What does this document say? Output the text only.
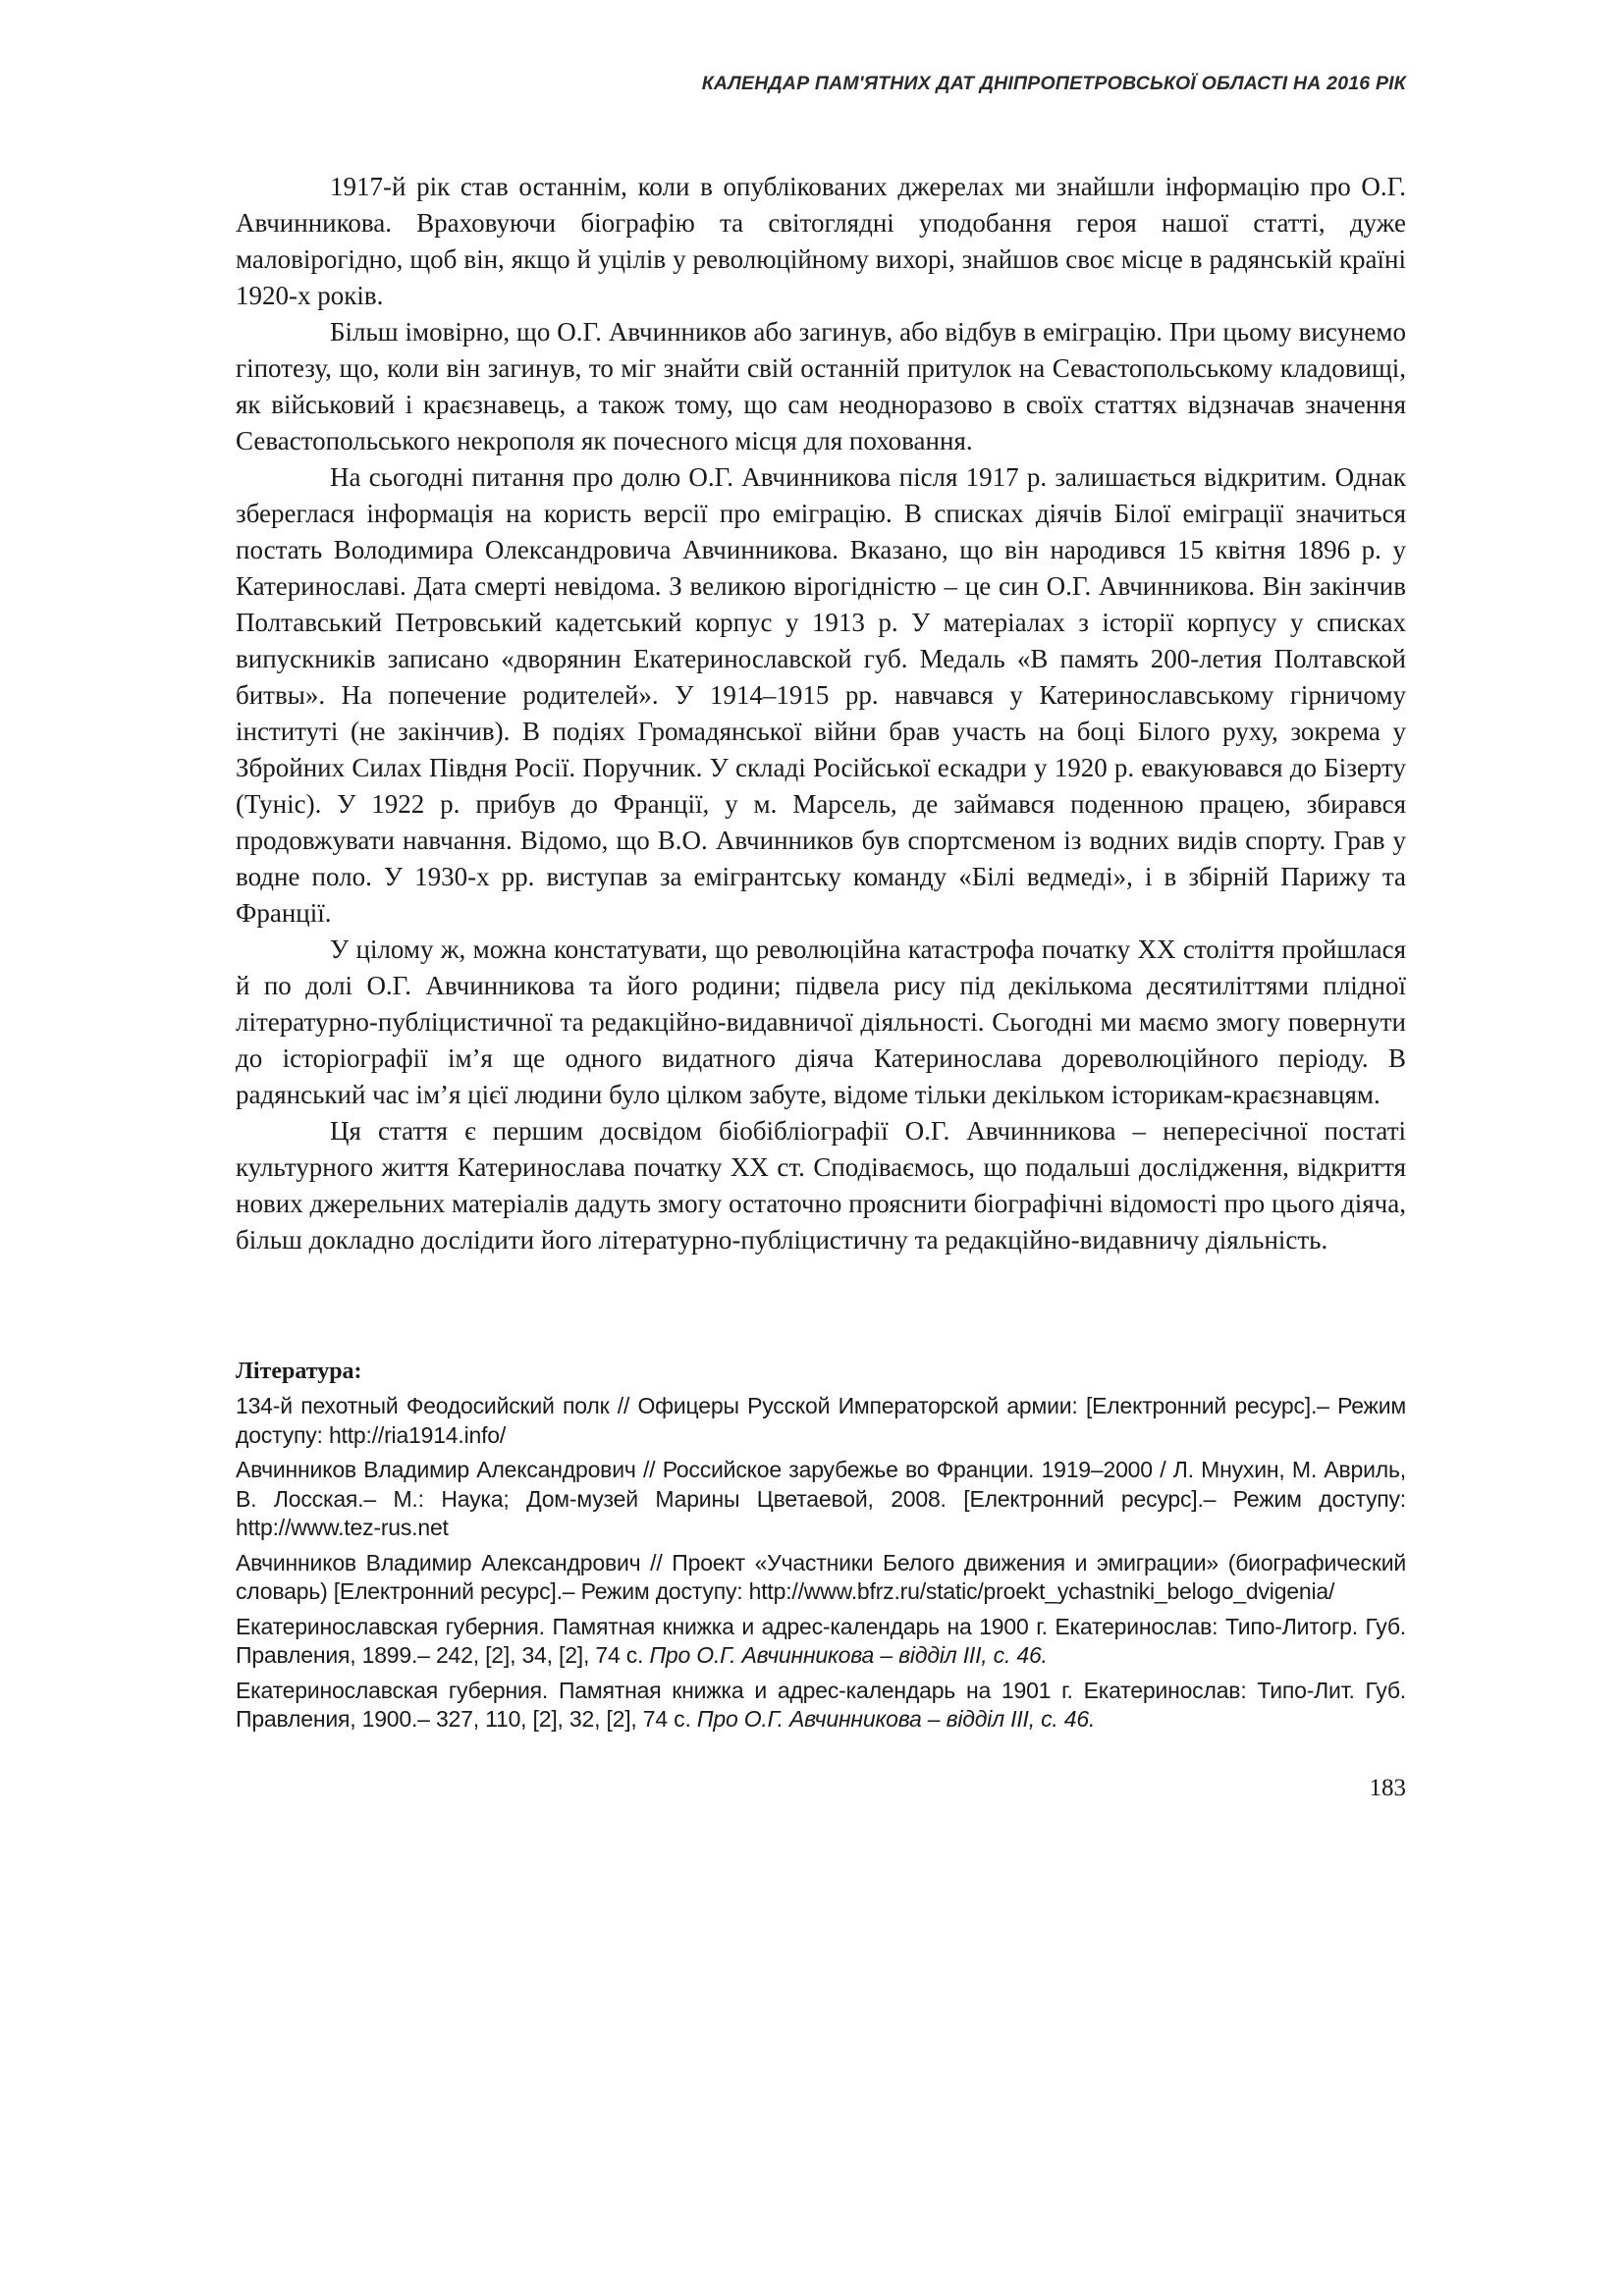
КАЛЕНДАР ПАМ'ЯТНИХ ДАТ ДНІПРОПЕТРОВСЬКОЇ ОБЛАСТІ НА 2016 РІК

1917-й рік став останнім, коли в опублікованих джерелах ми знайшли інформацію про О.Г. Авчинникова. Враховуючи біографію та світоглядні уподобання героя нашої статті, дуже маловірогідно, щоб він, якщо й уцілів у революційному вихорі, знайшов своє місце в радянській країні 1920-х років.

Більш імовірно, що О.Г. Авчинников або загинув, або відбув в еміграцію. При цьому висунемо гіпотезу, що, коли він загинув, то міг знайти свій останній притулок на Севастопольському кладовищі, як військовий і краєзнавець, а також тому, що сам неодноразово в своїх статтях відзначав значення Севастопольського некрополя як почесного місця для поховання.

На сьогодні питання про долю О.Г. Авчинникова після 1917 р. залишається відкритим. Однак збереглася інформація на користь версії про еміграцію. В списках діячів Білої еміграції значиться постать Володимира Олександровича Авчинникова. Вказано, що він народився 15 квітня 1896 р. у Катеринославі. Дата смерті невідома. З великою вірогідністю – це син О.Г. Авчинникова. Він закінчив Полтавський Петровський кадетський корпус у 1913 р. У матеріалах з історії корпусу у списках випускників записано «дворянин Екатеринославской губ. Медаль «В память 200-летия Полтавской битвы». На попечение родителей». У 1914–1915 рр. навчався у Катеринославському гірничому інституті (не закінчив). В подіях Громадянської війни брав участь на боці Білого руху, зокрема у Збройних Силах Півдня Росії. Поручник. У складі Російської ескадри у 1920 р. евакуювався до Бізерту (Туніс). У 1922 р. прибув до Франції, у м. Марсель, де займався поденною працею, збирався продовжувати навчання. Відомо, що В.О. Авчинников був спортсменом із водних видів спорту. Грав у водне поло. У 1930-х рр. виступав за емігрантську команду «Білі ведмеді», і в збірній Парижу та Франції.

У цілому ж, можна констатувати, що революційна катастрофа початку XX століття пройшлася й по долі О.Г. Авчинникова та його родини; підвела рису під декількома десятиліттями плідної літературно-публіцистичної та редакційно-видавничої діяльності. Сьогодні ми маємо змогу повернути до історіографії ім’я ще одного видатного діяча Катеринослава дореволюційного періоду. В радянський час ім’я цієї людини було цілком забуте, відоме тільки декільком історикам-краєзнавцям.

Ця стаття є першим досвідом біобібліографії О.Г. Авчинникова – непересічної постаті культурного життя Катеринослава початку XX ст. Сподіваємось, що подальші дослідження, відкриття нових джерельних матеріалів дадуть змогу остаточно прояснити біографічні відомості про цього діяча, більш докладно дослідити його літературно-публіцистичну та редакційно-видавничу діяльність.

Література:

134-й пехотный Феодосийский полк // Офицеры Русской Императорской армии: [Електронний ресурс].– Режим доступу: http://ria1914.info/

Авчинников Владимир Александрович // Российское зарубежье во Франции. 1919–2000 / Л. Мнухин, М. Авриль, В. Лосская.– М.: Наука; Дом-музей Марины Цветаевой, 2008. [Електронний ресурс].– Режим доступу: http://www.tez-rus.net

Авчинников Владимир Александрович // Проект «Участники Белого движения и эмиграции» (биографический словарь) [Електронний ресурс].– Режим доступу: http://www.bfrz.ru/static/proekt_ychastniki_belogo_dvigenia/

Екатеринославская губерния. Памятная книжка и адрес-календарь на 1900 г. Екатеринослав: Типо-Литогр. Губ. Правления, 1899.– 242, [2], 34, [2], 74 с. Про О.Г. Авчинникова – відділ III, с. 46.

Екатеринославская губерния. Памятная книжка и адрес-календарь на 1901 г. Екатеринослав: Типо-Лит. Губ. Правления, 1900.– 327, 110, [2], 32, [2], 74 с. Про О.Г. Авчинникова – відділ III, с. 46.

183
